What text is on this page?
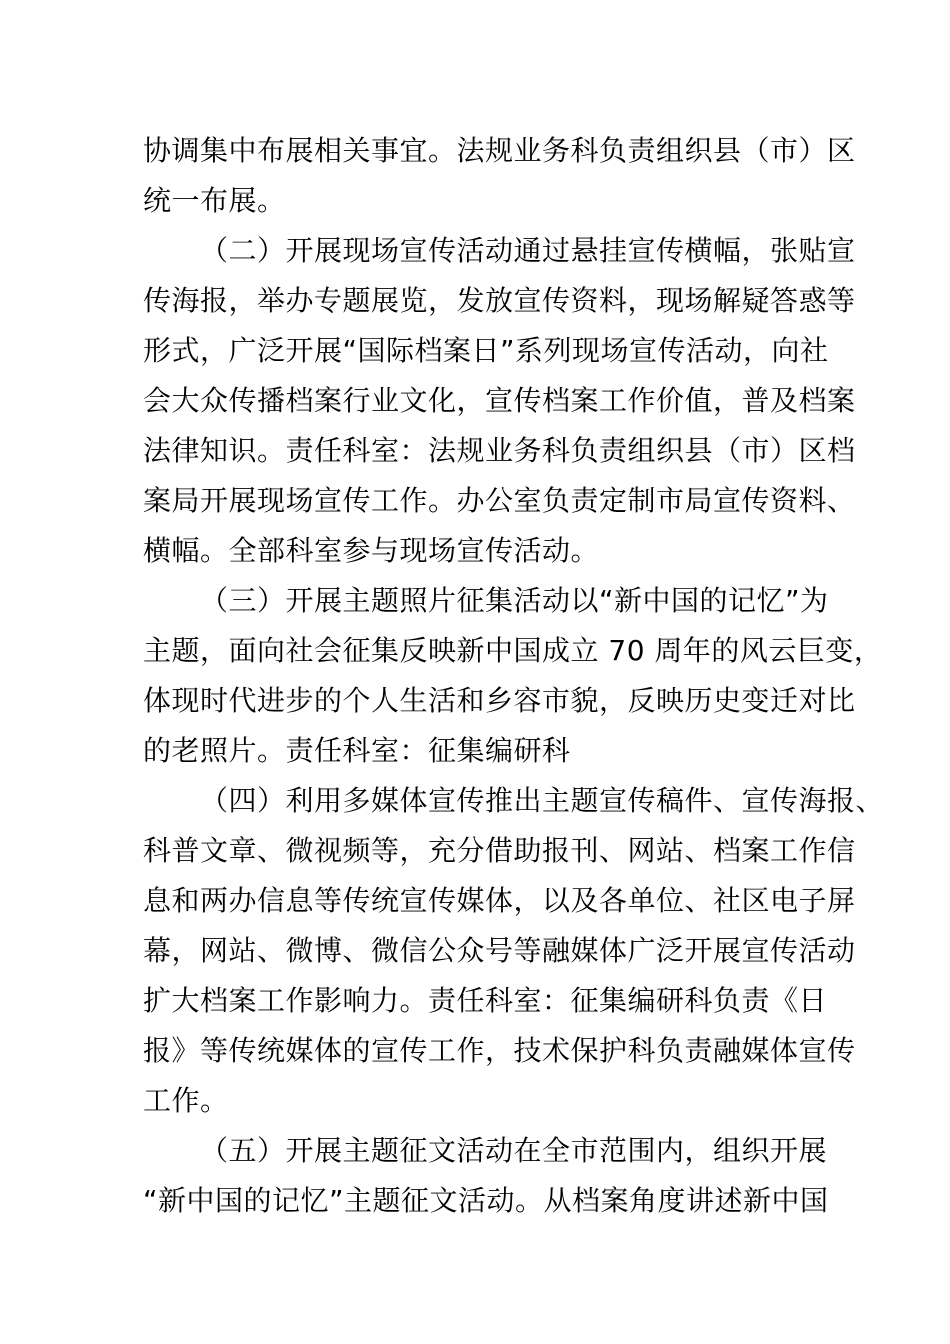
协调集中布展相关事宜。法规业务科负责组织县（市）区
统一布展。
（二）开展现场宣传活动通过悬挂宣传横幅，张贴宣
传海报，举办专题展览，发放宣传资料，现场解疑答惑等
形式，广泛开展“国际档案日”系列现场宣传活动，向社
会大众传播档案行业文化，宣传档案工作价值，普及档案
法律知识。责任科室：法规业务科负责组织县（市）区档
案局开展现场宣传工作。办公室负责定制市局宣传资料、
横幅。全部科室参与现场宣传活动。
（三）开展主题照片征集活动以“新中国的记忆”为
主题，面向社会征集反映新中国成立 70 周年的风云巨变，
体现时代进步的个人生活和乡容市貌，反映历史变迁对比
的老照片。责任科室：征集编研科
（四）利用多媒体宣传推出主题宣传稿件、宣传海报、
科普文章、微视频等，充分借助报刊、网站、档案工作信
息和两办信息等传统宣传媒体，以及各单位、社区电子屏
幕，网站、微博、微信公众号等融媒体广泛开展宣传活动
扩大档案工作影响力。责任科室：征集编研科负责《日
报》等传统媒体的宣传工作，技术保护科负责融媒体宣传
工作。
（五）开展主题征文活动在全市范围内，组织开展
“新中国的记忆”主题征文活动。从档案角度讲述新中国
